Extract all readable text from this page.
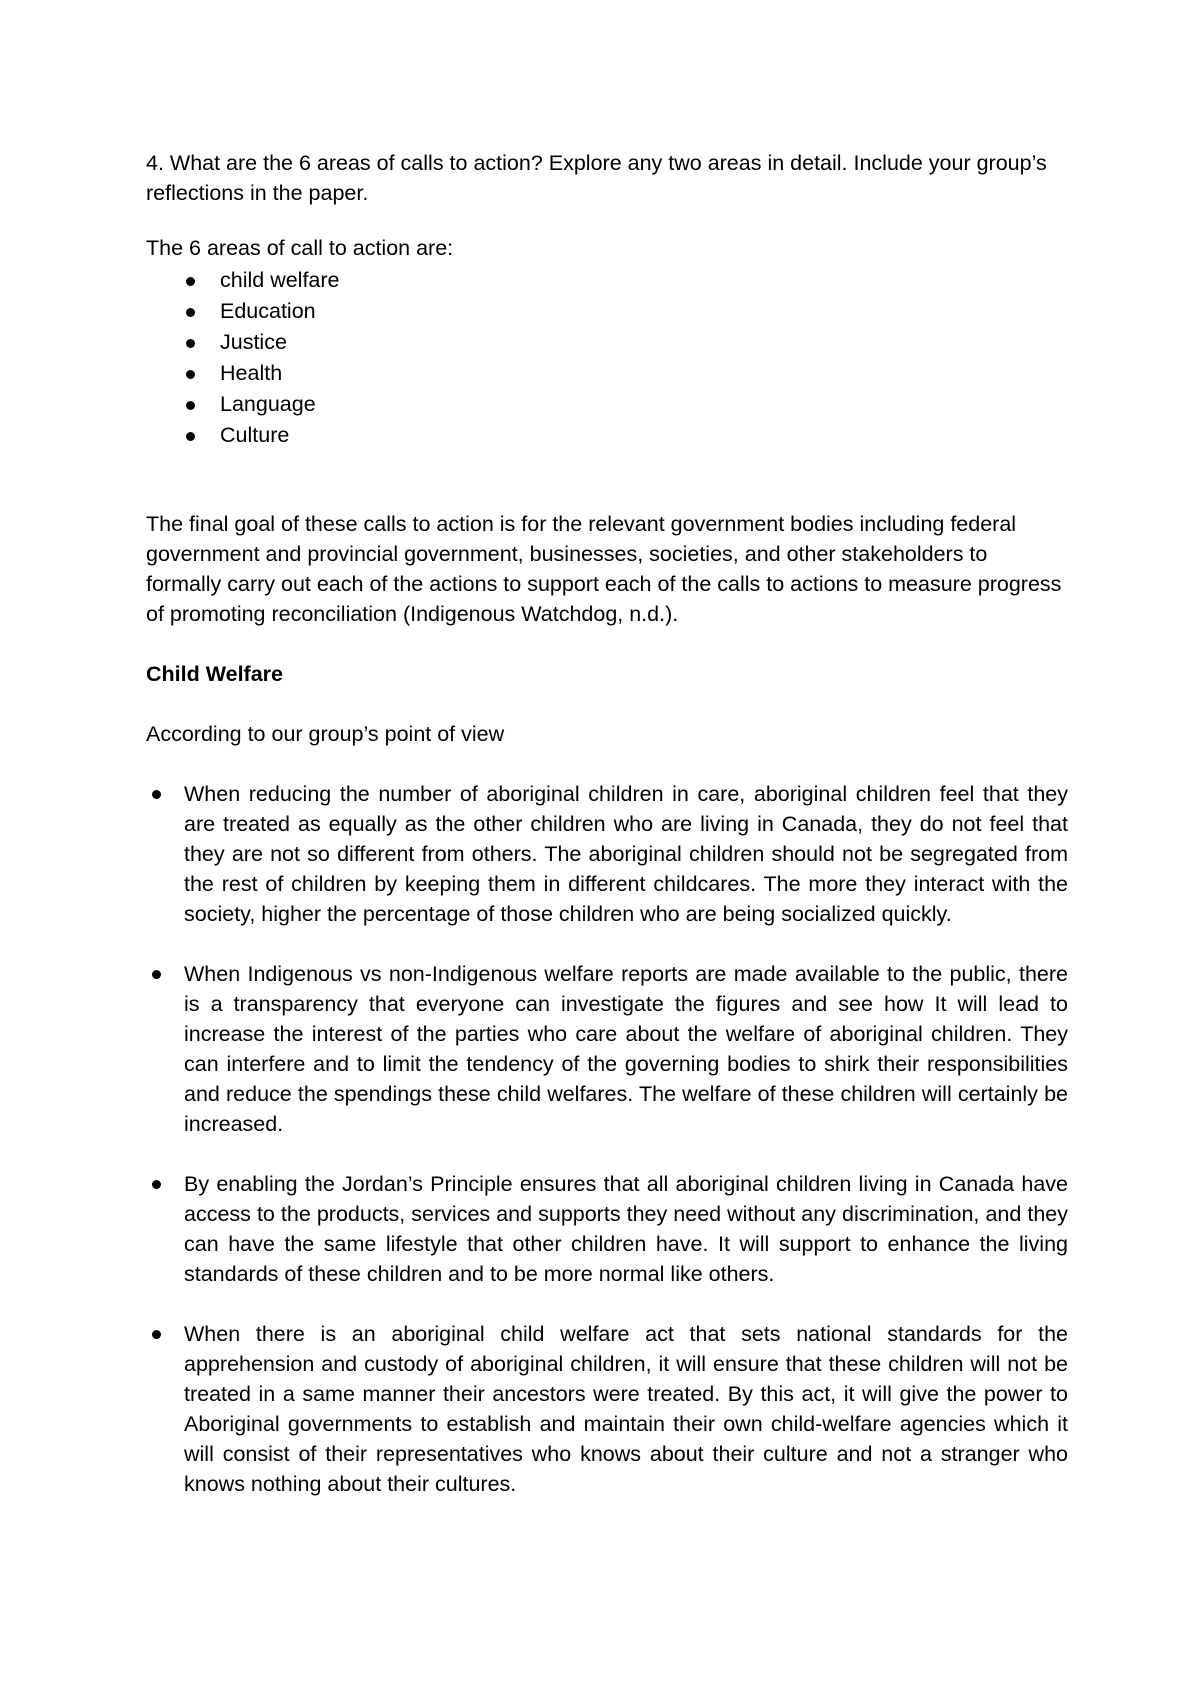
4. What are the 6 areas of calls to action? Explore any two areas in detail. Include your group’s reflections in the paper.

The 6 areas of call to action are:

child welfare
Education
Justice
Health
Language
Culture

The final goal of these calls to action is for the relevant government bodies including federal government and provincial government, businesses, societies, and other stakeholders to formally carry out each of the actions to support each of the calls to actions to measure progress of promoting reconciliation (Indigenous Watchdog, n.d.).

Child Welfare

According to our group’s point of view

When reducing the number of aboriginal children in care, aboriginal children feel that they are treated as equally as the other children who are living in Canada, they do not feel that they are not so different from others. The aboriginal children should not be segregated from the rest of children by keeping them in different childcares. The more they interact with the society, higher the percentage of those children who are being socialized quickly.
When Indigenous vs non-Indigenous welfare reports are made available to the public, there is a transparency that everyone can investigate the figures and see how It will lead to increase the interest of the parties who care about the welfare of aboriginal children. They can interfere and to limit the tendency of the governing bodies to shirk their responsibilities and reduce the spendings these child welfares. The welfare of these children will certainly be increased.
By enabling the Jordan’s Principle ensures that all aboriginal children living in Canada have access to the products, services and supports they need without any discrimination, and they can have the same lifestyle that other children have. It will support to enhance the living standards of these children and to be more normal like others.
When there is an aboriginal child welfare act that sets national standards for the apprehension and custody of aboriginal children, it will ensure that these children will not be treated in a same manner their ancestors were treated. By this act, it will give the power to Aboriginal governments to establish and maintain their own child-welfare agencies which it will consist of their representatives who knows about their culture and not a stranger who knows nothing about their cultures.
